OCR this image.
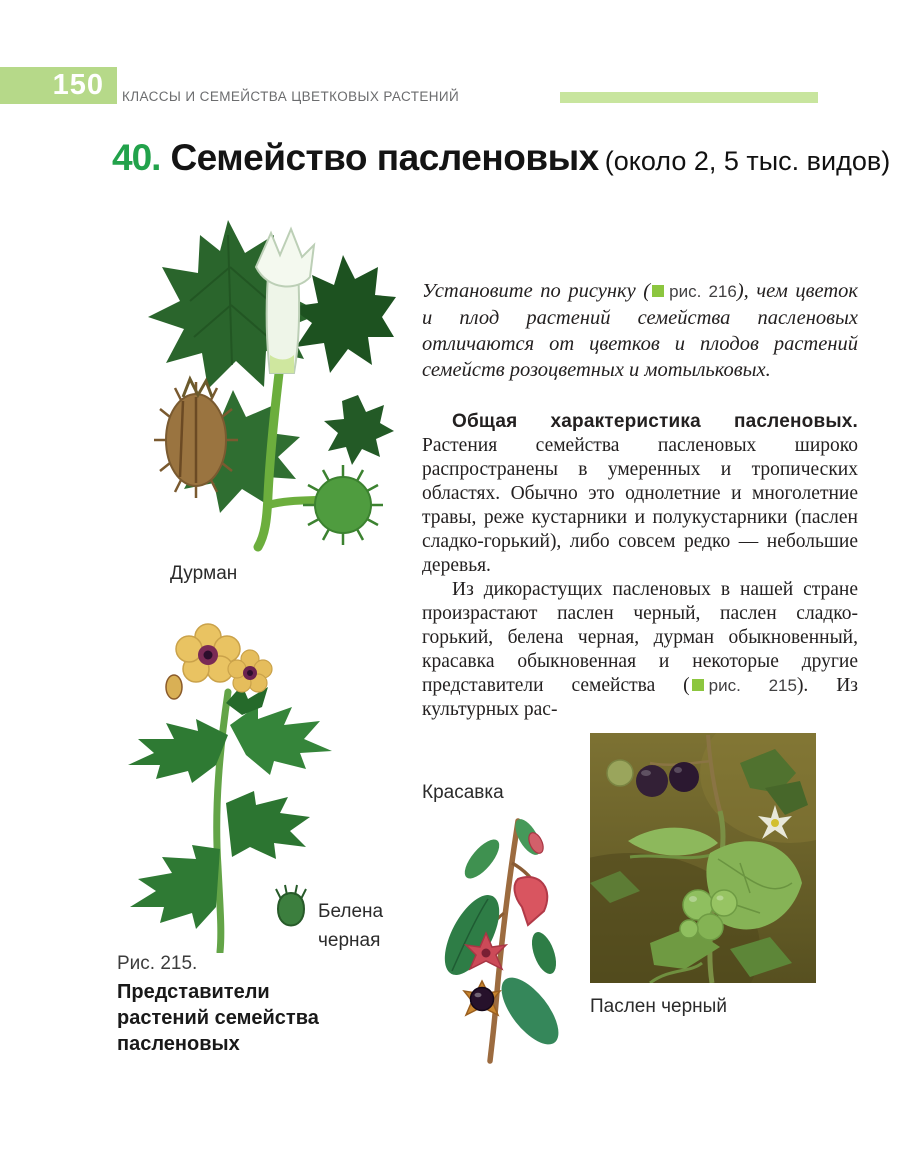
150	КЛАССЫ И СЕМЕЙСТВА ЦВЕТКОВЫХ РАСТЕНИЙ
40. Семейство пасленовых (около 2, 5 тыс. видов)
Дурман
Белена черная
Рис. 215.
Представители растений семейства пасленовых

Установите по рисунку ( рис. 216), чем цветок и плод растений семейства пасленовых отличаются от цветков и плодов растений семейств розоцветных и мотыльковых.

Общая характеристика пасленовых. Растения семейства пасленовых широко распространены в умеренных и тропических областях. Обычно это однолетние и многолетние травы, реже кустарники и полукустарники (паслен сладко-горький), либо совсем редко — небольшие деревья.

Из дикорастущих пасленовых в нашей стране произрастают паслен черный, паслен сладко-горький, белена черная, дурман обыкновенный, красавка обыкновенная и некоторые другие представители семейства ( рис. 215). Из культурных рас-

Красавка
Паслен черный
